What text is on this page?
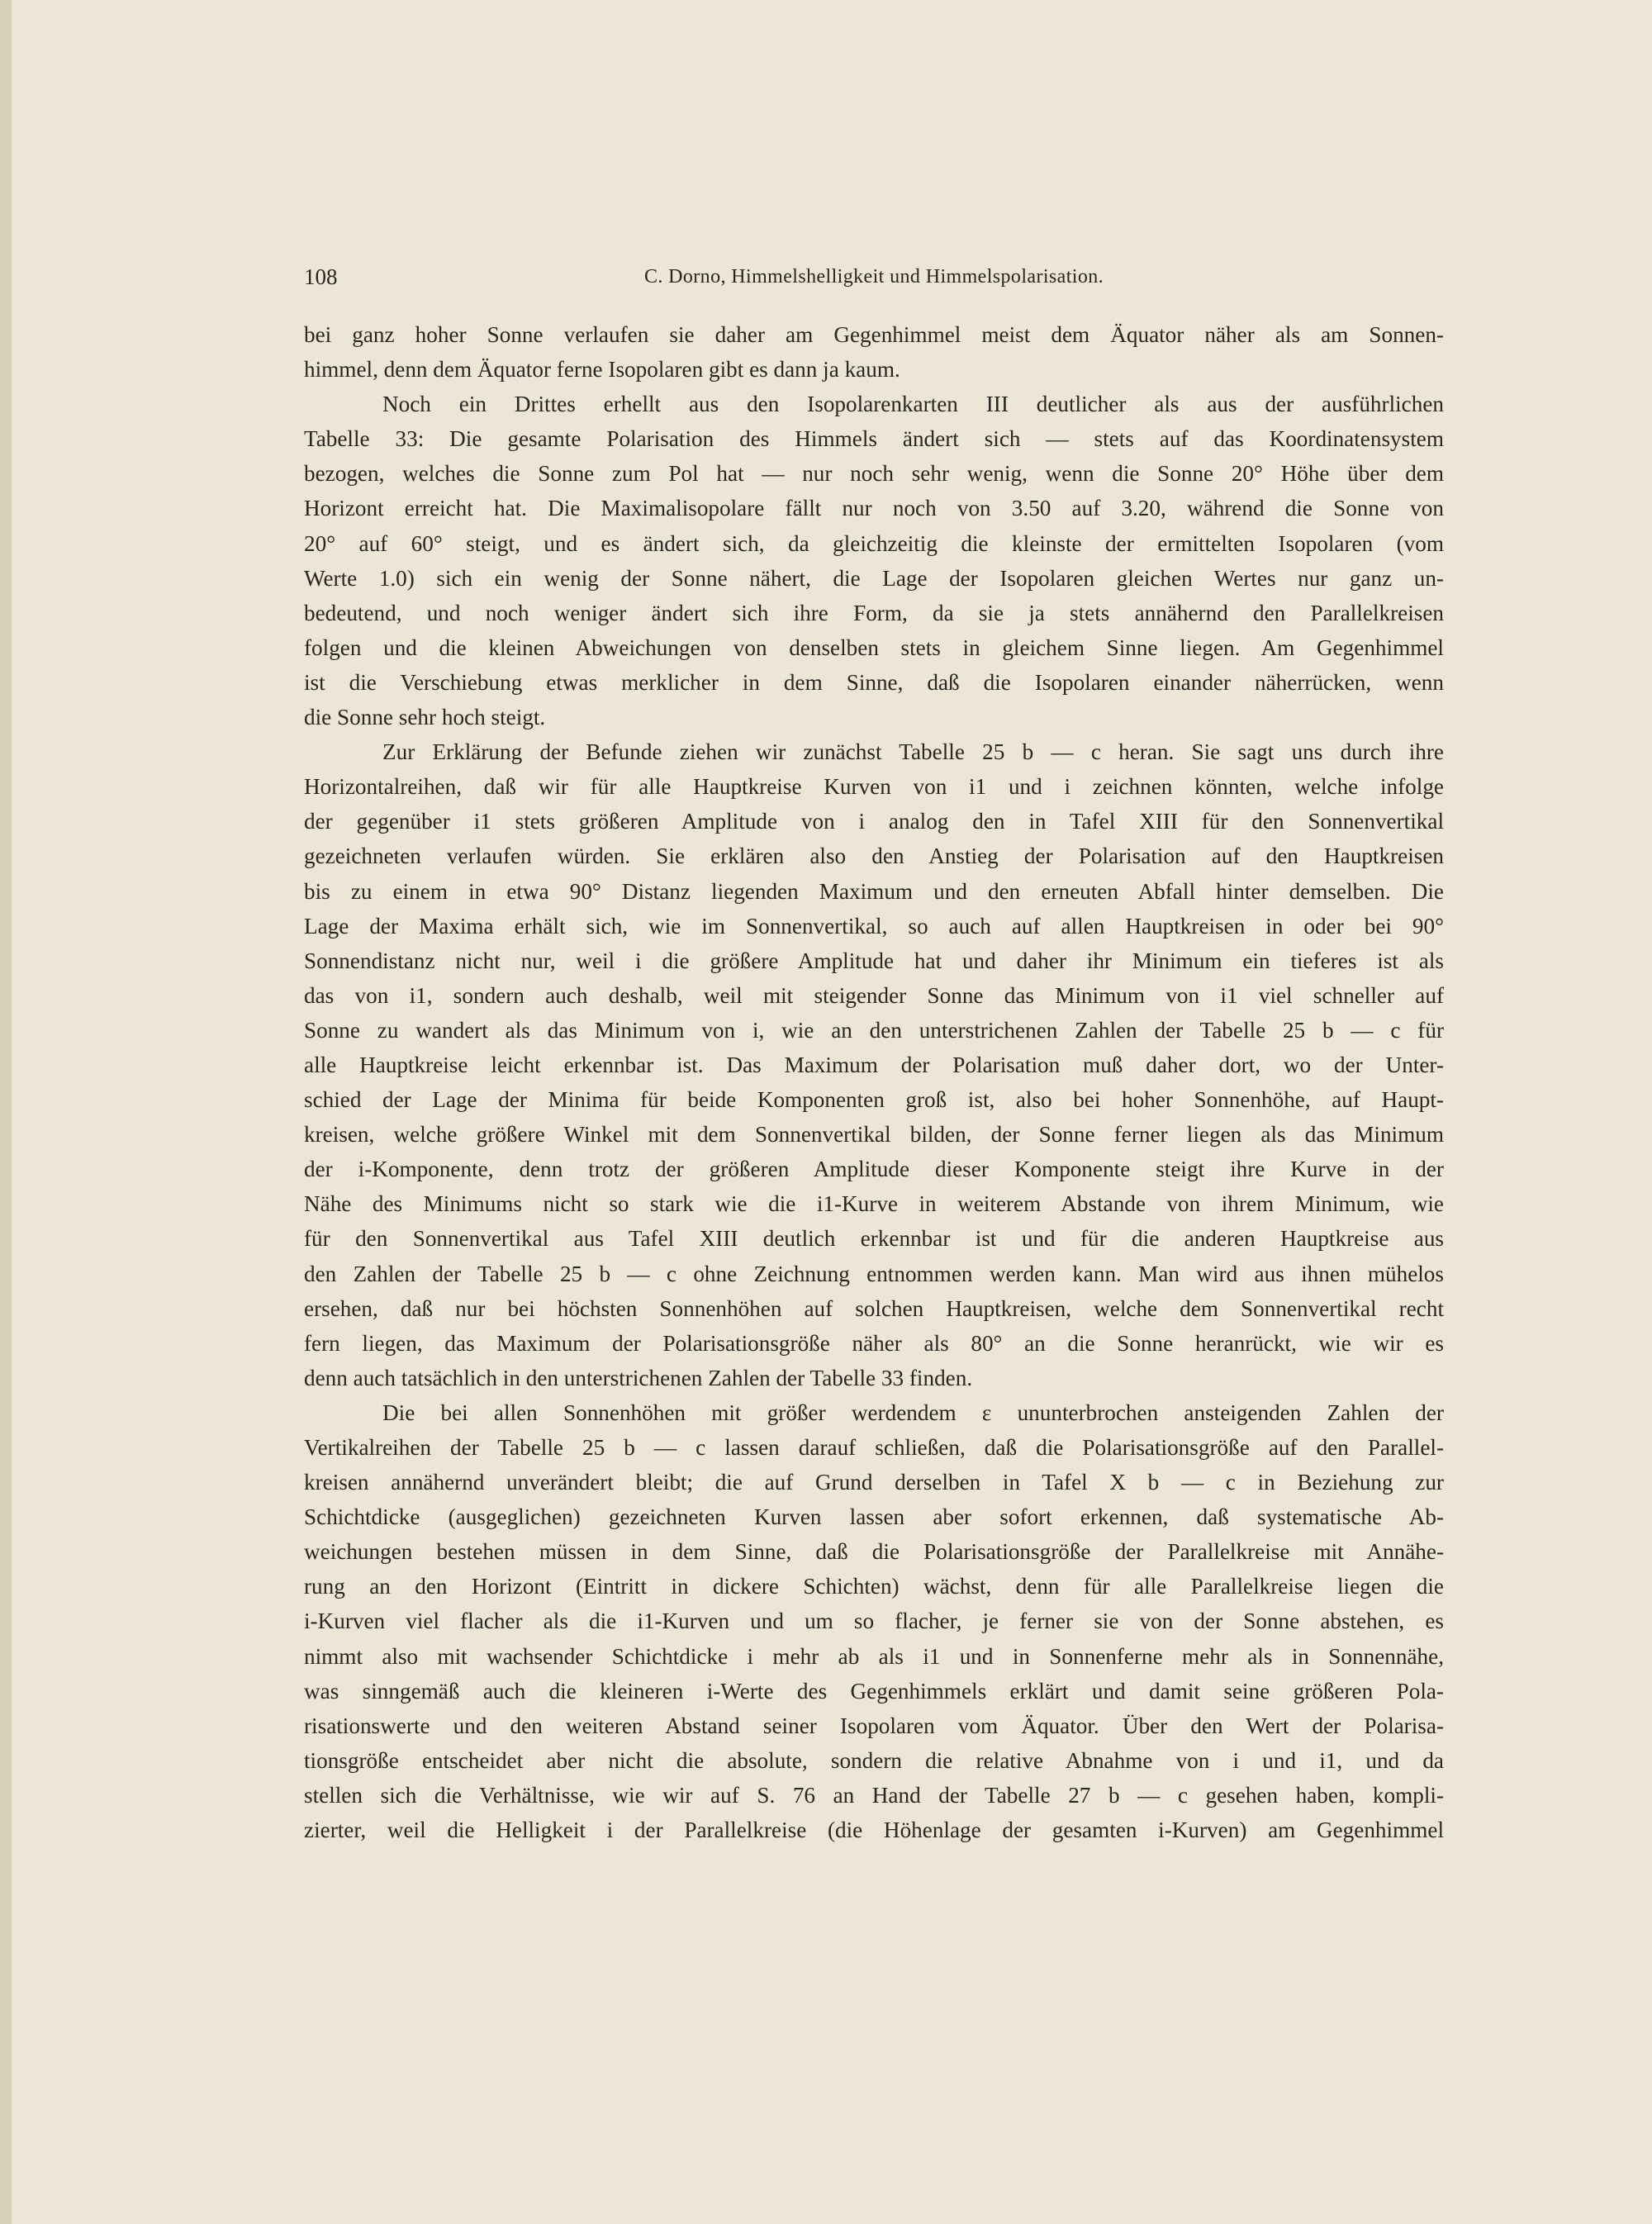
108	C. Dorno, Himmelshelligkeit und Himmelspolarisation.
bei ganz hoher Sonne verlaufen sie daher am Gegenhimmel meist dem Äquator näher als am Sonnen-
himmel, denn dem Äquator ferne Isopolaren gibt es dann ja kaum.
Noch ein Drittes erhellt aus den Isopolarenkarten III deutlicher als aus der ausführlichen
Tabelle 33: Die gesamte Polarisation des Himmels ändert sich — stets auf das Koordinatensystem
bezogen, welches die Sonne zum Pol hat — nur noch sehr wenig, wenn die Sonne 20° Höhe über dem
Horizont erreicht hat. Die Maximalisopolare fällt nur noch von 3.50 auf 3.20, während die Sonne von
20° auf 60° steigt, und es ändert sich, da gleichzeitig die kleinste der ermittelten Isopolaren (vom
Werte 1.0) sich ein wenig der Sonne nähert, die Lage der Isopolaren gleichen Wertes nur ganz un-
bedeutend, und noch weniger ändert sich ihre Form, da sie ja stets annähernd den Parallelkreisen
folgen und die kleinen Abweichungen von denselben stets in gleichem Sinne liegen. Am Gegenhimmel
ist die Verschiebung etwas merklicher in dem Sinne, daß die Isopolaren einander näherrücken, wenn
die Sonne sehr hoch steigt.
Zur Erklärung der Befunde ziehen wir zunächst Tabelle 25 b — c heran. Sie sagt uns durch ihre
Horizontalreihen, daß wir für alle Hauptkreise Kurven von i1 und i zeichnen könnten, welche infolge
der gegenüber i1 stets größeren Amplitude von i analog den in Tafel XIII für den Sonnenvertikal
gezeichneten verlaufen würden. Sie erklären also den Anstieg der Polarisation auf den Hauptkreisen
bis zu einem in etwa 90° Distanz liegenden Maximum und den erneuten Abfall hinter demselben. Die
Lage der Maxima erhält sich, wie im Sonnenvertikal, so auch auf allen Hauptkreisen in oder bei 90°
Sonnendistanz nicht nur, weil i die größere Amplitude hat und daher ihr Minimum ein tieferes ist als
das von i1, sondern auch deshalb, weil mit steigender Sonne das Minimum von i1 viel schneller auf
Sonne zu wandert als das Minimum von i, wie an den unterstrichenen Zahlen der Tabelle 25 b — c für
alle Hauptkreise leicht erkennbar ist. Das Maximum der Polarisation muß daher dort, wo der Unter-
schied der Lage der Minima für beide Komponenten groß ist, also bei hoher Sonnenhöhe, auf Haupt-
kreisen, welche größere Winkel mit dem Sonnenvertikal bilden, der Sonne ferner liegen als das Minimum
der i-Komponente, denn trotz der größeren Amplitude dieser Komponente steigt ihre Kurve in der
Nähe des Minimums nicht so stark wie die i1-Kurve in weiterem Abstande von ihrem Minimum, wie
für den Sonnenvertikal aus Tafel XIII deutlich erkennbar ist und für die anderen Hauptkreise aus
den Zahlen der Tabelle 25 b — c ohne Zeichnung entnommen werden kann. Man wird aus ihnen mühelos
ersehen, daß nur bei höchsten Sonnenhöhen auf solchen Hauptkreisen, welche dem Sonnenvertikal recht
fern liegen, das Maximum der Polarisationsgröße näher als 80° an die Sonne heranrückt, wie wir es
denn auch tatsächlich in den unterstrichenen Zahlen der Tabelle 33 finden.
Die bei allen Sonnenhöhen mit größer werdendem ε ununterbrochen ansteigenden Zahlen der
Vertikalreihen der Tabelle 25 b — c lassen darauf schließen, daß die Polarisationsgröße auf den Parallel-
kreisen annähernd unverändert bleibt; die auf Grund derselben in Tafel X b — c in Beziehung zur
Schichtdicke (ausgeglichen) gezeichneten Kurven lassen aber sofort erkennen, daß systematische Ab-
weichungen bestehen müssen in dem Sinne, daß die Polarisationsgröße der Parallelkreise mit Annähe-
rung an den Horizont (Eintritt in dickere Schichten) wächst, denn für alle Parallelkreise liegen die
i-Kurven viel flacher als die i1-Kurven und um so flacher, je ferner sie von der Sonne abstehen, es
nimmt also mit wachsender Schichtdicke i mehr ab als i1 und in Sonnenferne mehr als in Sonnennähe,
was sinngemäß auch die kleineren i-Werte des Gegenhimmels erklärt und damit seine größeren Pola-
risationswerte und den weiteren Abstand seiner Isopolaren vom Äquator. Über den Wert der Polarisa-
tionsgröße entscheidet aber nicht die absolute, sondern die relative Abnahme von i und i1, und da
stellen sich die Verhältnisse, wie wir auf S. 76 an Hand der Tabelle 27 b — c gesehen haben, kompli-
zierter, weil die Helligkeit i der Parallelkreise (die Höhenlage der gesamten i-Kurven) am Gegenhimmel
